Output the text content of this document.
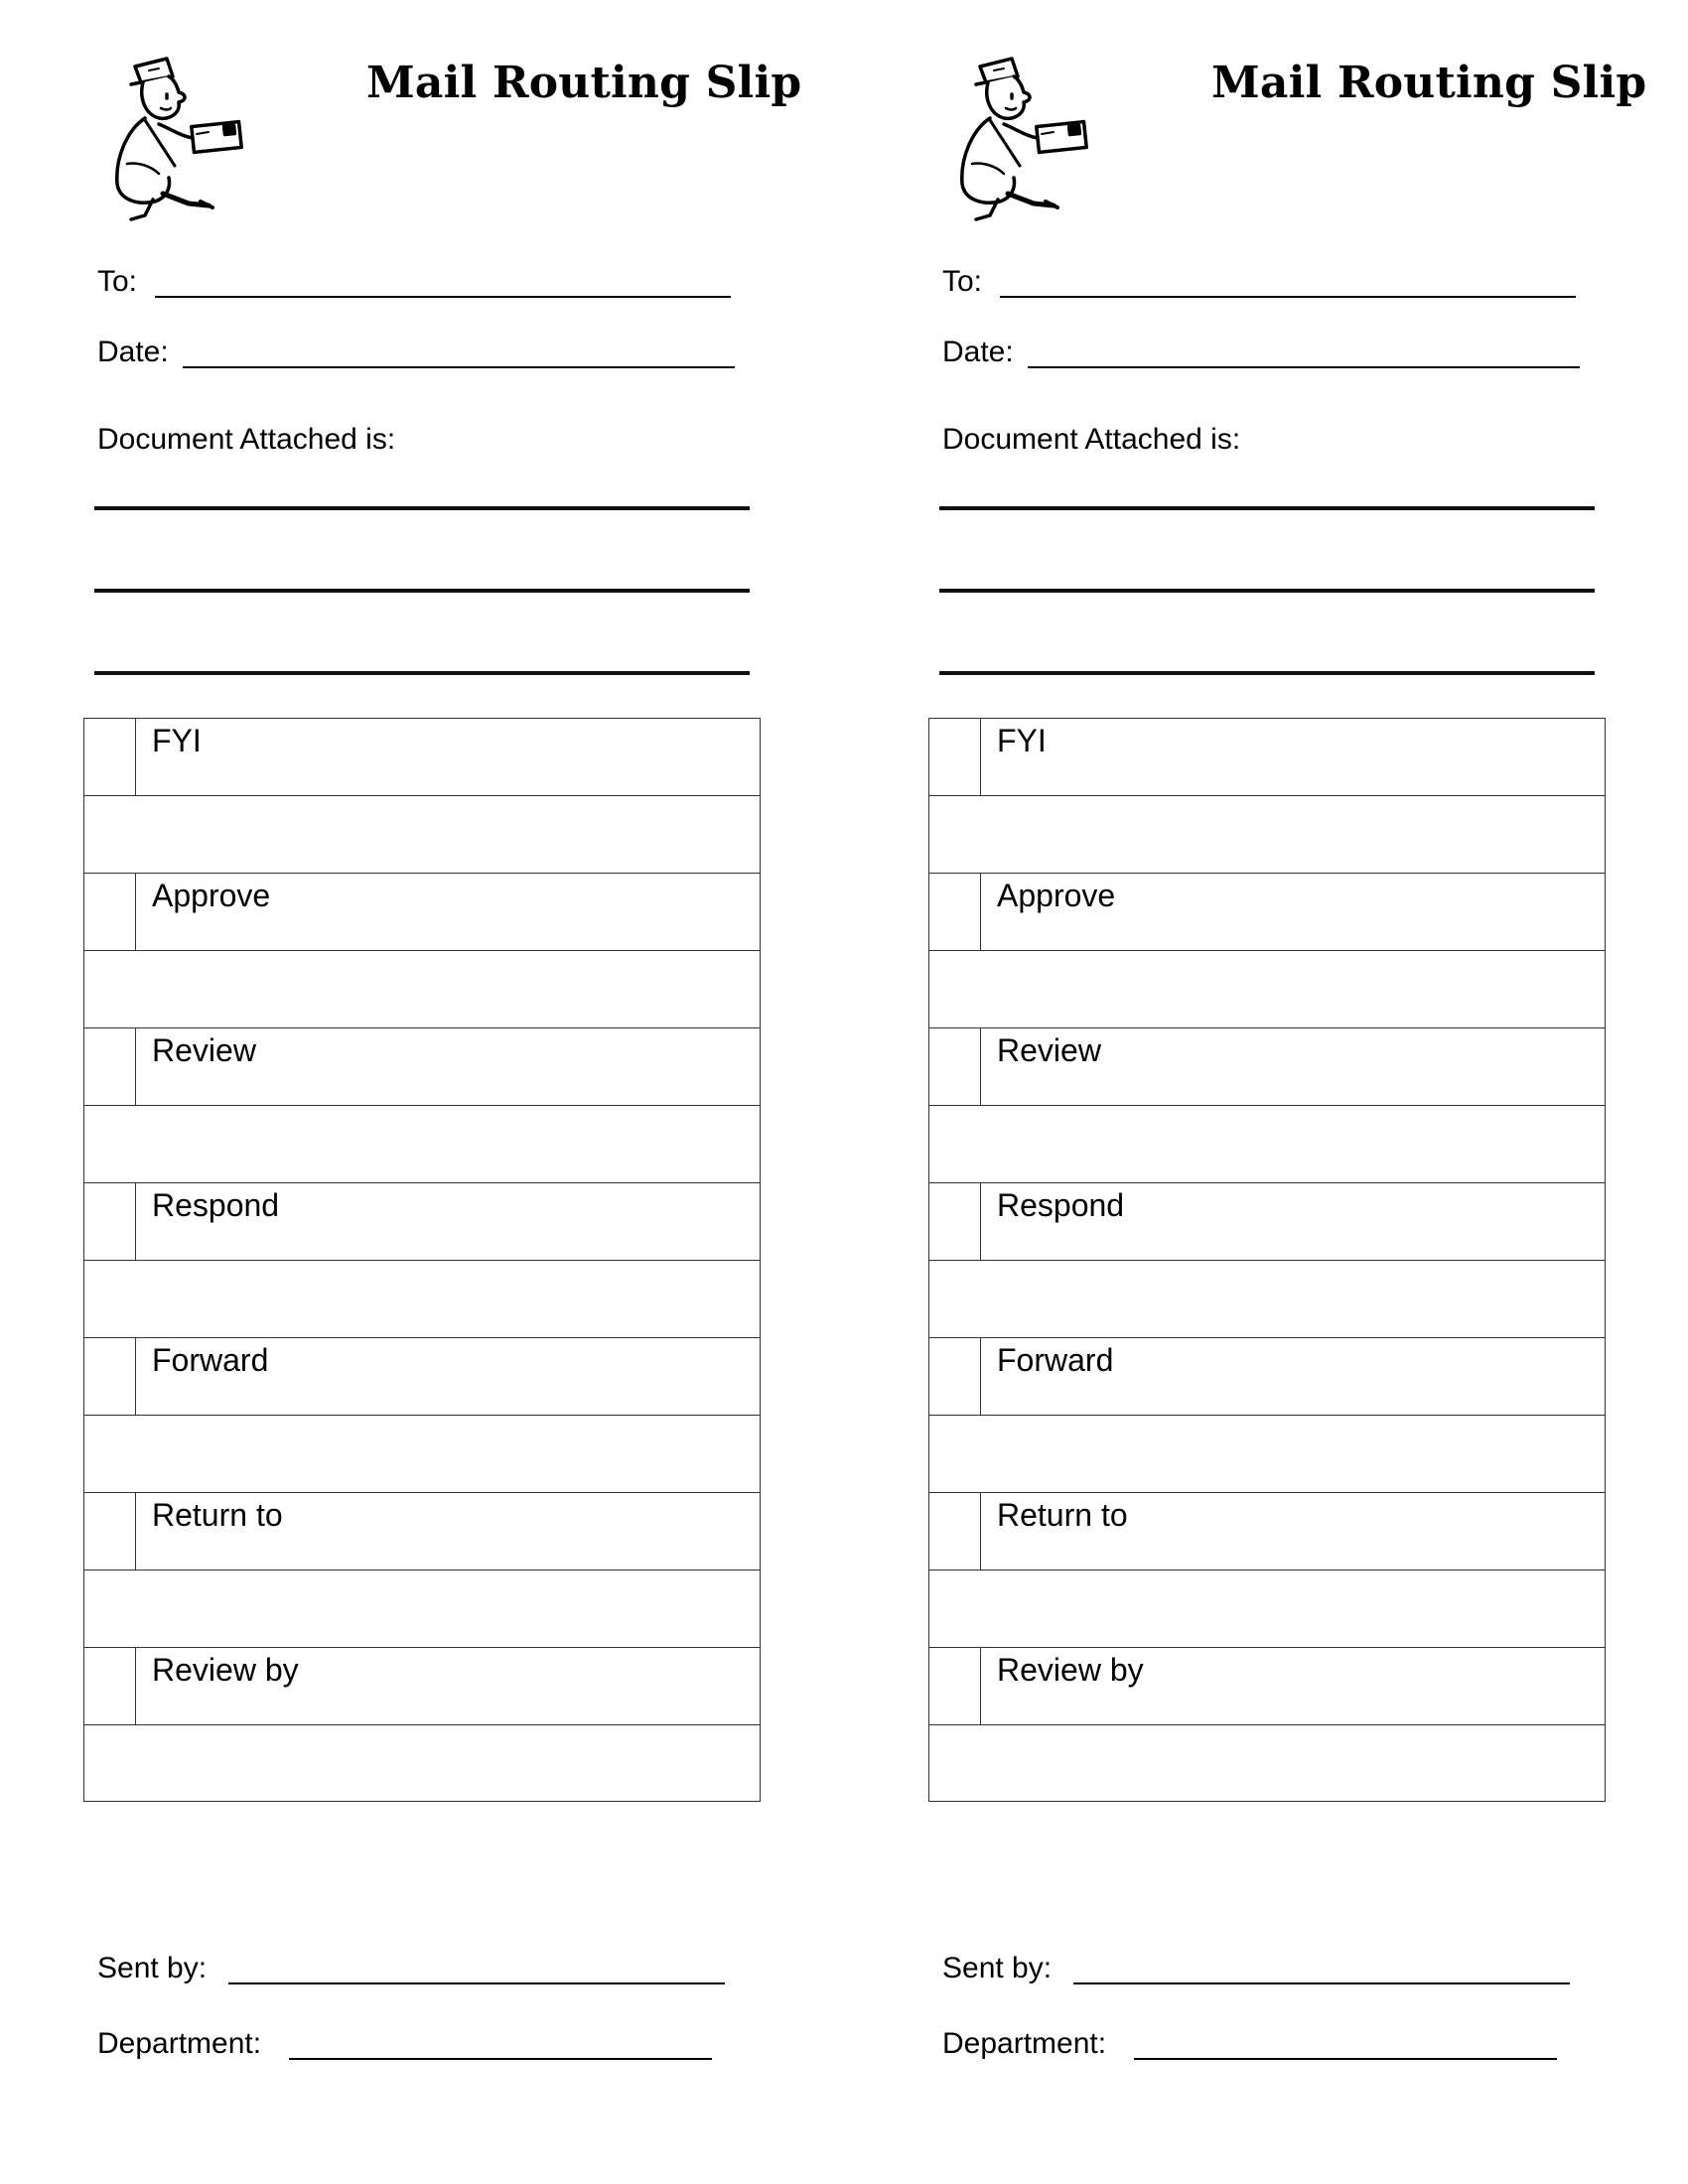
Mail Routing Slip
To:
Date:
Document Attached is:
FYI
Approve
Review
Respond
Forward
Return to
Review by
Sent by:
Department:
Mail Routing Slip
To:
Date:
Document Attached is:
FYI
Approve
Review
Respond
Forward
Return to
Review by
Sent by:
Department:
